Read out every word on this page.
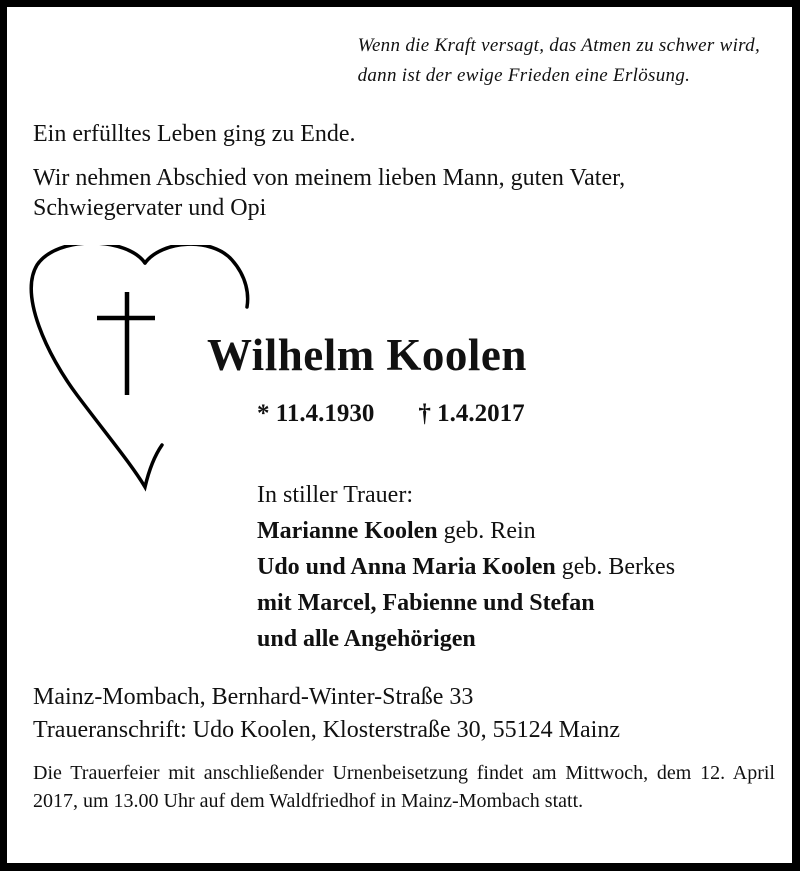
Wenn die Kraft versagt, das Atmen zu schwer wird,
dann ist der ewige Frieden eine Erlösung.
Ein erfülltes Leben ging zu Ende.
Wir nehmen Abschied von meinem lieben Mann, guten Vater,
Schwiegervater und Opi
Wilhelm Koolen
* 11.4.1930 † 1.4.2017
In stiller Trauer:
Marianne Koolen geb. Rein
Udo und Anna Maria Koolen geb. Berkes
mit Marcel, Fabienne und Stefan
und alle Angehörigen
Mainz-Mombach, Bernhard-Winter-Straße 33
Traueranschrift: Udo Koolen, Klosterstraße 30, 55124 Mainz
Die Trauerfeier mit anschließender Urnenbeisetzung findet am Mittwoch, dem 12. April 2017, um 13.00 Uhr auf dem Waldfriedhof in Mainz-Mombach statt.
